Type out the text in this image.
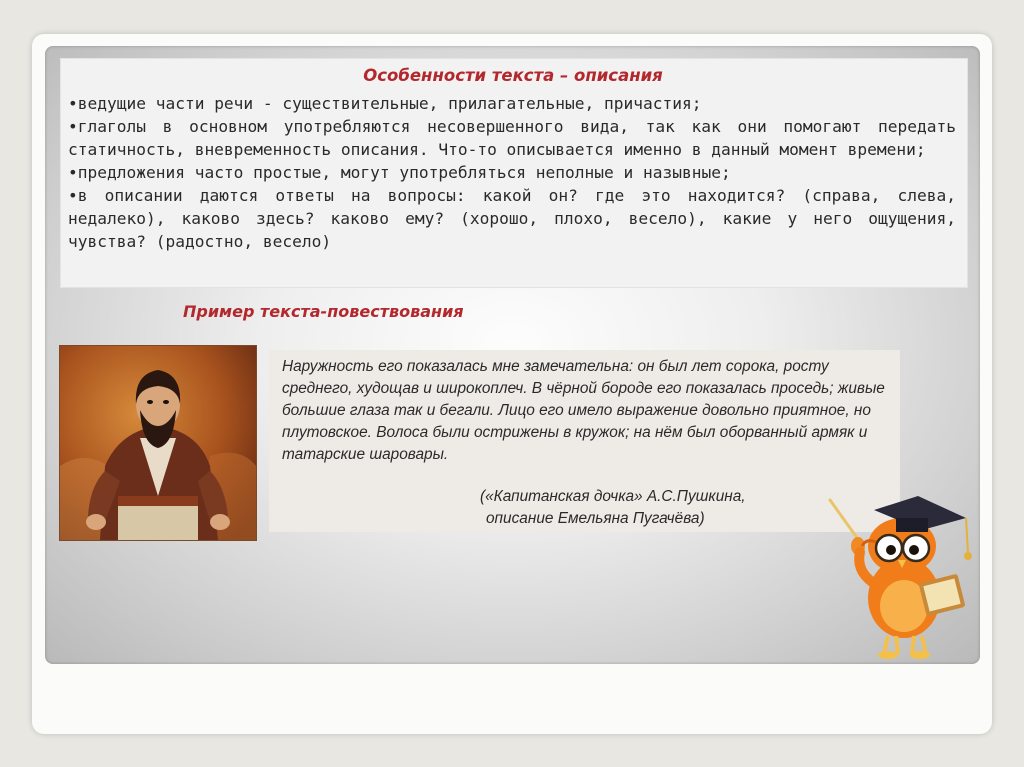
Особенности текста – описания
•ведущие части речи - существительные, прилагательные, причастия;
•глаголы в основном употребляются несовершенного вида, так как они помогают передать статичность, вневременность описания. Что-то описывается именно в данный момент времени;
•предложения часто простые, могут употребляться неполные и назывные;
•в описании даются ответы на вопросы: какой он? где это находится? (справа, слева, недалеко), каково здесь? каково ему? (хорошо, плохо, весело), какие у него ощущения, чувства? (радостно, весело)
Пример текста-повествования

Наружность его показалась мне замечательна: он был лет сорока, росту среднего, худощав и широкоплеч. В чёрной бороде его показалась проседь; живые большие глаза так и бегали. Лицо его имело выражение довольно приятное, но плутовское. Волоса были острижены в кружок; на нём был оборванный армяк и татарские шаровары.

(«Капитанская дочка» А.С.Пушкина,
описание Емельяна Пугачёва)
